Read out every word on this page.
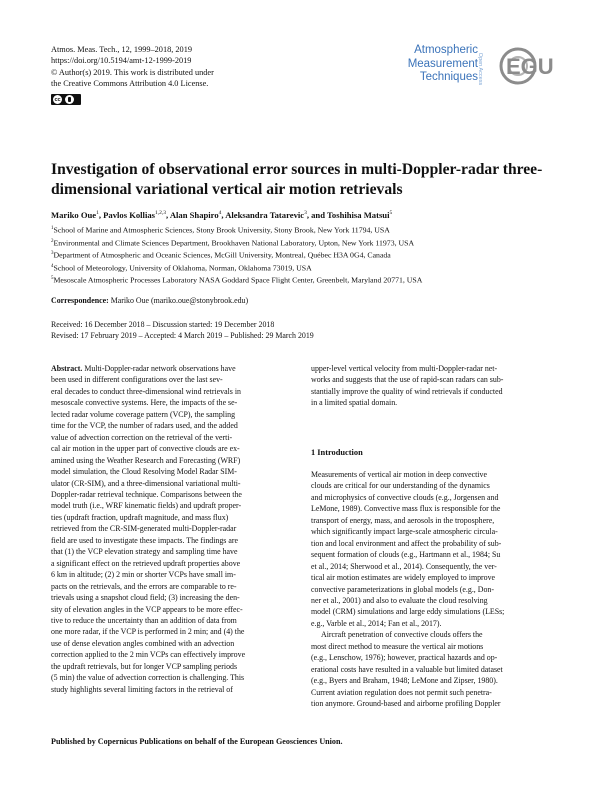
Atmos. Meas. Tech., 12, 1999–2018, 2019
https://doi.org/10.5194/amt-12-1999-2019
© Author(s) 2019. This work is distributed under
the Creative Commons Attribution 4.0 License.
cc
Atmospheric
Measurement
Techniques Open Access EGU
Investigation of observational error sources in multi-Doppler-radar three-dimensional variational vertical air motion retrievals
Mariko Oue$^1$, Pavlos Kollias$^{1,2,3}$, Alan Shapiro$^4$, Aleksandra Tatarevic$^3$, and Toshihisa Matsui$^5$
$^1$School of Marine and Atmospheric Sciences, Stony Brook University, Stony Brook, New York 11794, USA
$^2$Environmental and Climate Sciences Department, Brookhaven National Laboratory, Upton, New York 11973, USA
$^3$Department of Atmospheric and Oceanic Sciences, McGill University, Montreal, Québec H3A 0G4, Canada
$^4$School of Meteorology, University of Oklahoma, Norman, Oklahoma 73019, USA
$^5$Mesoscale Atmospheric Processes Laboratory NASA Goddard Space Flight Center, Greenbelt, Maryland 20771, USA
Correspondence: Mariko Oue (mariko.oue@stonybrook.edu)
Received: 16 December 2018 – Discussion started: 19 December 2018
Revised: 17 February 2019 – Accepted: 4 March 2019 – Published: 29 March 2019
Abstract. Multi-Doppler-radar network observations have
been used in different configurations over the last sev-
eral decades to conduct three-dimensional wind retrievals in
mesoscale convective systems. Here, the impacts of the se-
lected radar volume coverage pattern (VCP), the sampling
time for the VCP, the number of radars used, and the added
value of advection correction on the retrieval of the verti-
cal air motion in the upper part of convective clouds are ex-
amined using the Weather Research and Forecasting (WRF)
model simulation, the Cloud Resolving Model Radar SIM-
ulator (CR-SIM), and a three-dimensional variational multi-
Doppler-radar retrieval technique. Comparisons between the
model truth (i.e., WRF kinematic fields) and updraft proper-
ties (updraft fraction, updraft magnitude, and mass flux)
retrieved from the CR-SIM-generated multi-Doppler-radar
field are used to investigate these impacts. The findings are
that (1) the VCP elevation strategy and sampling time have
a significant effect on the retrieved updraft properties above
6 km in altitude; (2) 2 min or shorter VCPs have small im-
pacts on the retrievals, and the errors are comparable to re-
trievals using a snapshot cloud field; (3) increasing the den-
sity of elevation angles in the VCP appears to be more effec-
tive to reduce the uncertainty than an addition of data from
one more radar, if the VCP is performed in 2 min; and (4) the
use of dense elevation angles combined with an advection
correction applied to the 2 min VCPs can effectively improve
the updraft retrievals, but for longer VCP sampling periods
(5 min) the value of advection correction is challenging. This
study highlights several limiting factors in the retrieval of
upper-level vertical velocity from multi-Doppler-radar net-
works and suggests that the use of rapid-scan radars can sub-
stantially improve the quality of wind retrievals if conducted
in a limited spatial domain.
1 Introduction
Measurements of vertical air motion in deep convective
clouds are critical for our understanding of the dynamics
and microphysics of convective clouds (e.g., Jorgensen and
LeMone, 1989). Convective mass flux is responsible for the
transport of energy, mass, and aerosols in the troposphere,
which significantly impact large-scale atmospheric circula-
tion and local environment and affect the probability of sub-
sequent formation of clouds (e.g., Hartmann et al., 1984; Su
et al., 2014; Sherwood et al., 2014). Consequently, the ver-
tical air motion estimates are widely employed to improve
convective parameterizations in global models (e.g., Don-
ner et al., 2001) and also to evaluate the cloud resolving
model (CRM) simulations and large eddy simulations (LESs;
e.g., Varble et al., 2014; Fan et al., 2017).
Aircraft penetration of convective clouds offers the
most direct method to measure the vertical air motions
(e.g., Lenschow, 1976); however, practical hazards and op-
erational costs have resulted in a valuable but limited dataset
(e.g., Byers and Braham, 1948; LeMone and Zipser, 1980).
Current aviation regulation does not permit such penetra-
tion anymore. Ground-based and airborne profiling Doppler
Published by Copernicus Publications on behalf of the European Geosciences Union.
